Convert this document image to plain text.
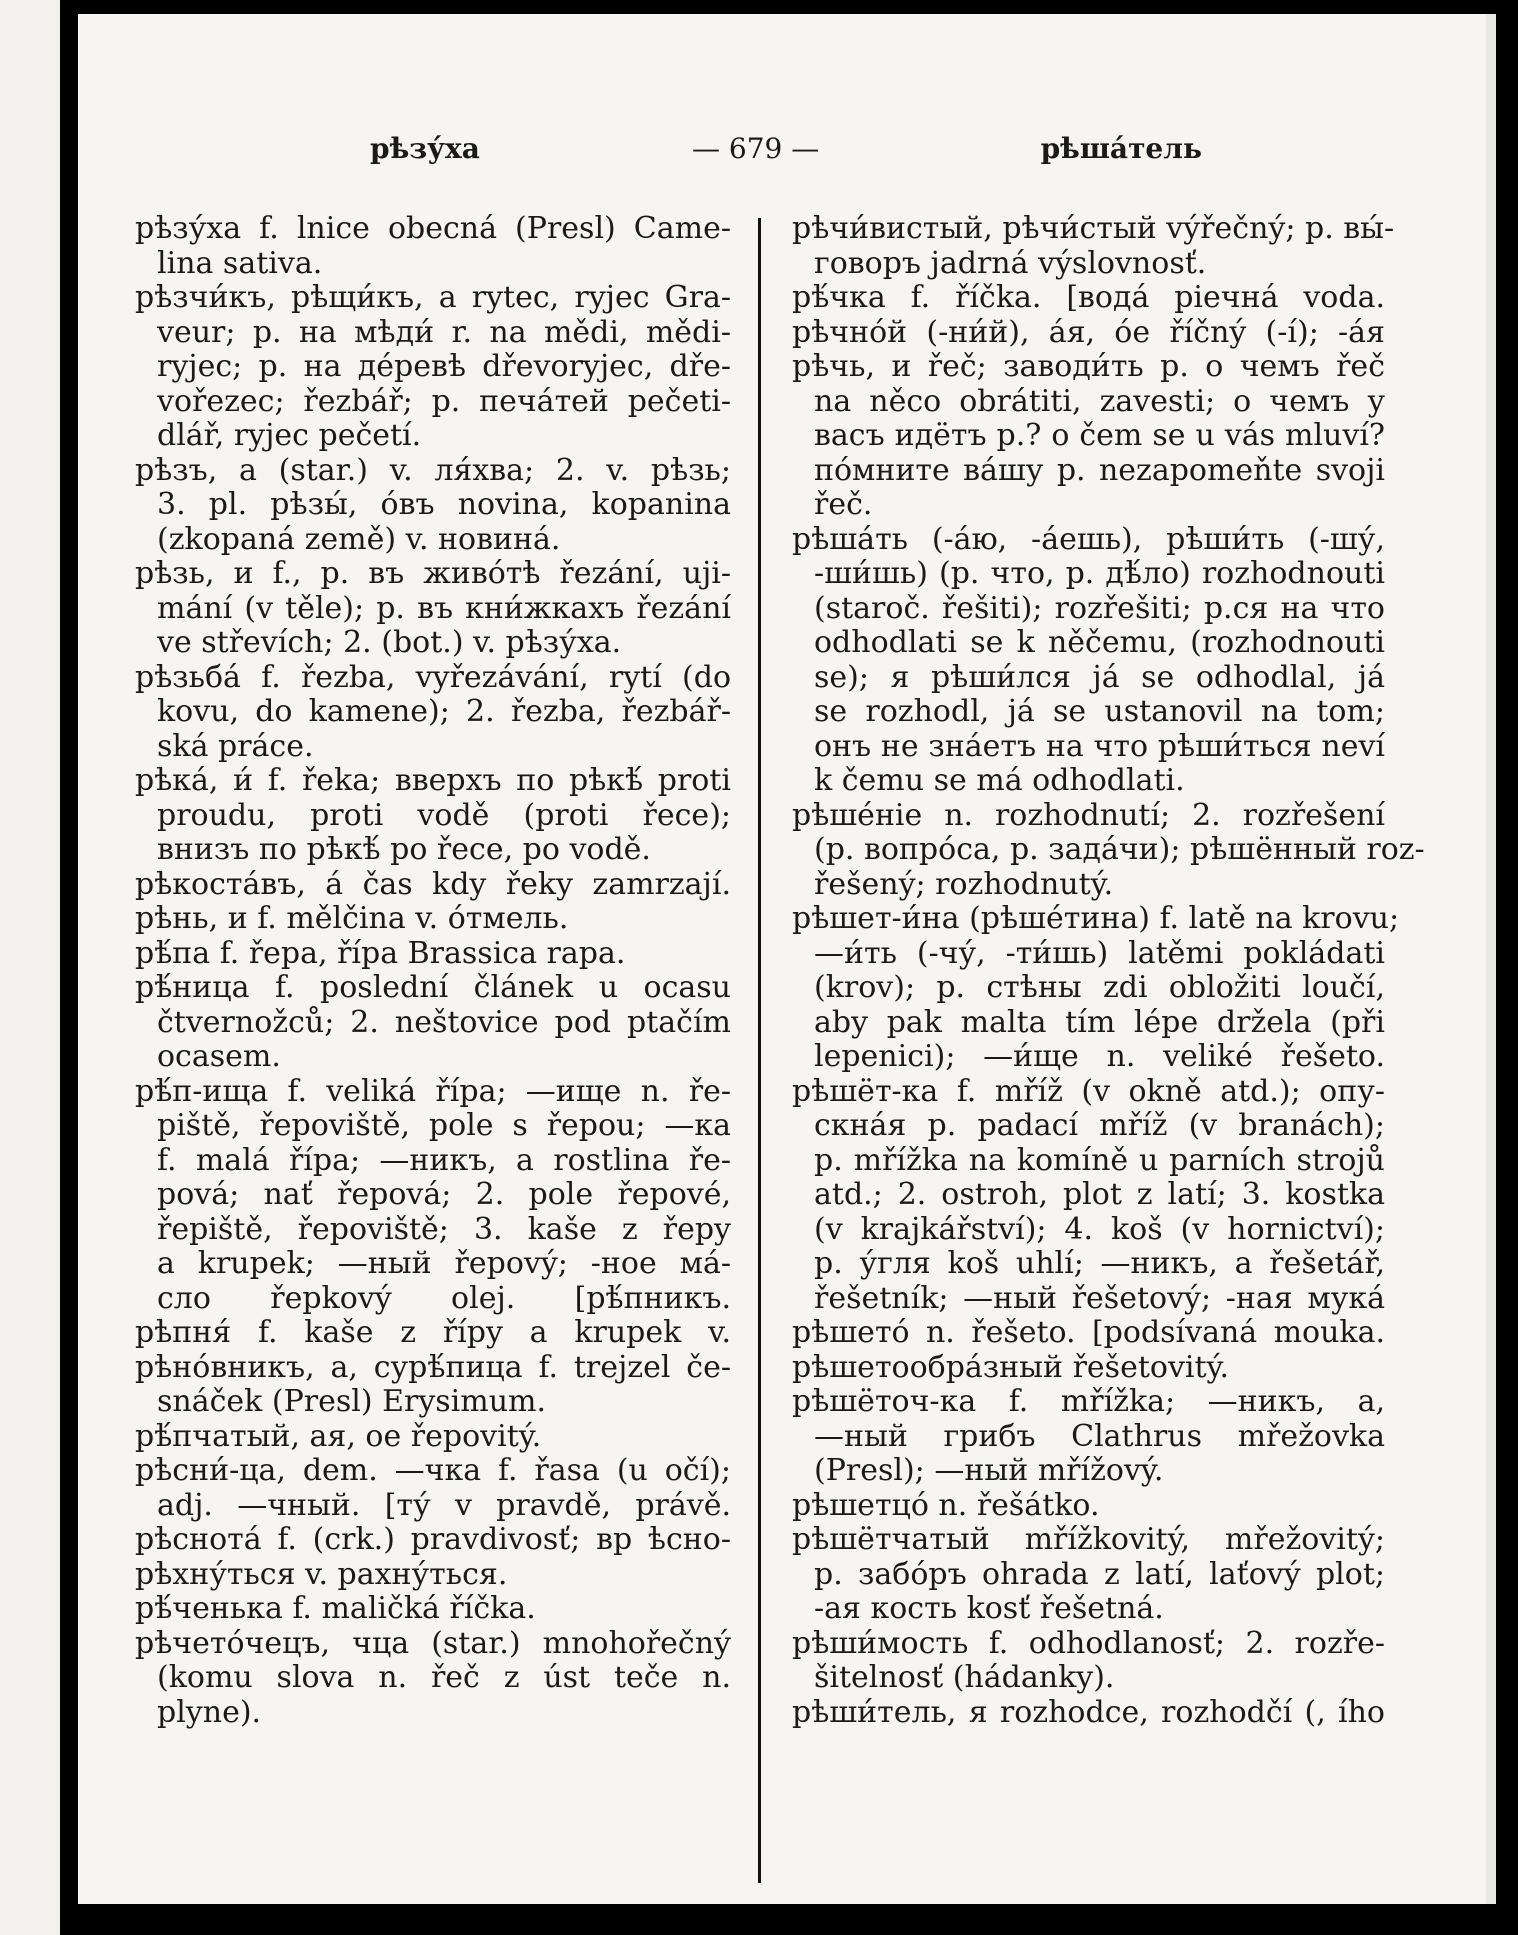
рѣзу́ха	— 679 —	рѣша́тель
рѣзу́ха f. lnice obecná (Presl) Came-
lina sativa.
рѣзчи́къ, рѣщи́къ, a rytec, ryjec Gra-
veur; p. на мѣди́ r. na mědi, mědi-
ryjec; p. на де́ревѣ dřevoryjec, dře-
vořezec; řezbář; p. печа́тей pečeti-
dlář, ryjec pečetí.
рѣзъ, a (star.) v. ля́хва; 2. v. рѣзь;
3. pl. рѣзы́, о́въ novina, kopanina
(zkopaná země) v. новина́.
рѣзь, и f., p. въ живо́тѣ řezání, uji-
mání (v těle); p. въ кни́жкахъ řezání
ve střevích; 2. (bot.) v. рѣзу́ха.
рѣзьба́ f. řezba, vyřezávání, rytí (do
kovu, do kamene); 2. řezba, řezbář-
ská práce.
рѣка́, и́ f. řeka; вверхъ по рѣкѣ́ proti
proudu, proti vodě (proti řece);
внизъ по рѣкѣ́ po řece, po vodě.
рѣкоста́въ, á čas kdy řeky zamrzají.
рѣнь, и f. mělčina v. о́тмель.
рѣ́па f. řepa, řípa Brassica rapa.
рѣ́ница f. poslední článek u ocasu
čtvernožců; 2. neštovice pod ptačím
ocasem.
рѣ́п-ища f. veliká řípa; —ище n. ře-
piště, řepoviště, pole s řepou; —ка
f. malá řípa; —никъ, a rostlina ře-
pová; nať řepová; 2. pole řepové,
řepiště, řepoviště; 3. kaše z řepy
a krupek; —ный řepový; -ное ма́-
сло řepkový olej. [рѣ́пникъ.
рѣпня́ f. kaše z řípy a krupek v.
рѣно́вникъ, a, сурѣ́пица f. trejzel če-
snáček (Presl) Erysimum.
рѣ́пчатый, ая, ое řepovitý.
рѣсни́-ца, dem. —чка f. řasa (u očí);
adj. —чный. [ту́ v pravdě, právě.
рѣснота́ f. (crk.) pravdivosť; вр ѣсно-
рѣхну́ться v. рахну́ться.
рѣ́ченька f. maličká říčka.
рѣчето́чецъ, чца (star.) mnohořečný
(komu slova n. řeč z úst teče n.
plyne).
рѣчи́вистый, рѣчи́стый výřečný; p. вы́-
говоръ jadrná výslovnosť.
рѣ́чка f. říčka. [вода́ ріечна́ voda.
рѣчно́й (-ни́й), а́я, о́е říčný (-í); -а́я
рѣчь, и řeč; заводи́ть p. о чемъ řeč
na něco obrátiti, zavesti; о чемъ у
васъ идётъ p.? o čem se u vás mluví?
по́мните ва́шу p. nezapomeňte svoji
řeč.
рѣша́ть (-а́ю, -а́ешь), рѣши́ть (-шу́,
-ши́шь) (p. что, p. дѣ́ло) rozhodnouti
(staroč. řešiti); rozřešiti; p.ся на что
odhodlati se k něčemu, (rozhodnouti
se); я рѣши́лся já se odhodlal, já
se rozhodl, já se ustanovil na tom;
онъ не зна́етъ на что рѣши́ться neví
k čemu se má odhodlati.
рѣше́ніе n. rozhodnutí; 2. rozřešení
(p. вопро́са, p. зада́чи); рѣшённый roz-
řešený; rozhodnutý.
рѣшет-и́на (рѣше́тина) f. latě na krovu;
—и́ть (-чу́, -ти́шь) latěmi pokládati
(krov); p. стѣны zdi obložiti loučí,
aby pak malta tím lépe držela (při
lepenici); —и́ще n. veliké řešeto.
рѣшёт-ка f. mříž (v okně atd.); опу-
скна́я p. padací mříž (v branách);
p. mřížka na komíně u parních strojů
atd.; 2. ostroh, plot z latí; 3. kostka
(v krajkářství); 4. koš (v hornictví);
p. у́гля koš uhlí; —никъ, a řešetář,
řešetník; —ный řešetový; -ная мука́
рѣшето́ n. řešeto. [podsívaná mouka.
рѣшетообра́зный řešetovitý.
рѣшёточ-ка f. mřížka; —никъ, a,
—ный грибъ Clathrus mřežovka
(Presl); —ный mřížový.
рѣшетцо́ n. řešátko.
рѣшётчатый mřížkovitý, mřežovitý;
p. забо́ръ ohrada z latí, laťový plot;
-ая кость kosť řešetná.
рѣши́мость f. odhodlanosť; 2. rozře-
šitelnosť (hádanky).
рѣши́тель, я rozhodce, rozhodčí (, ího
